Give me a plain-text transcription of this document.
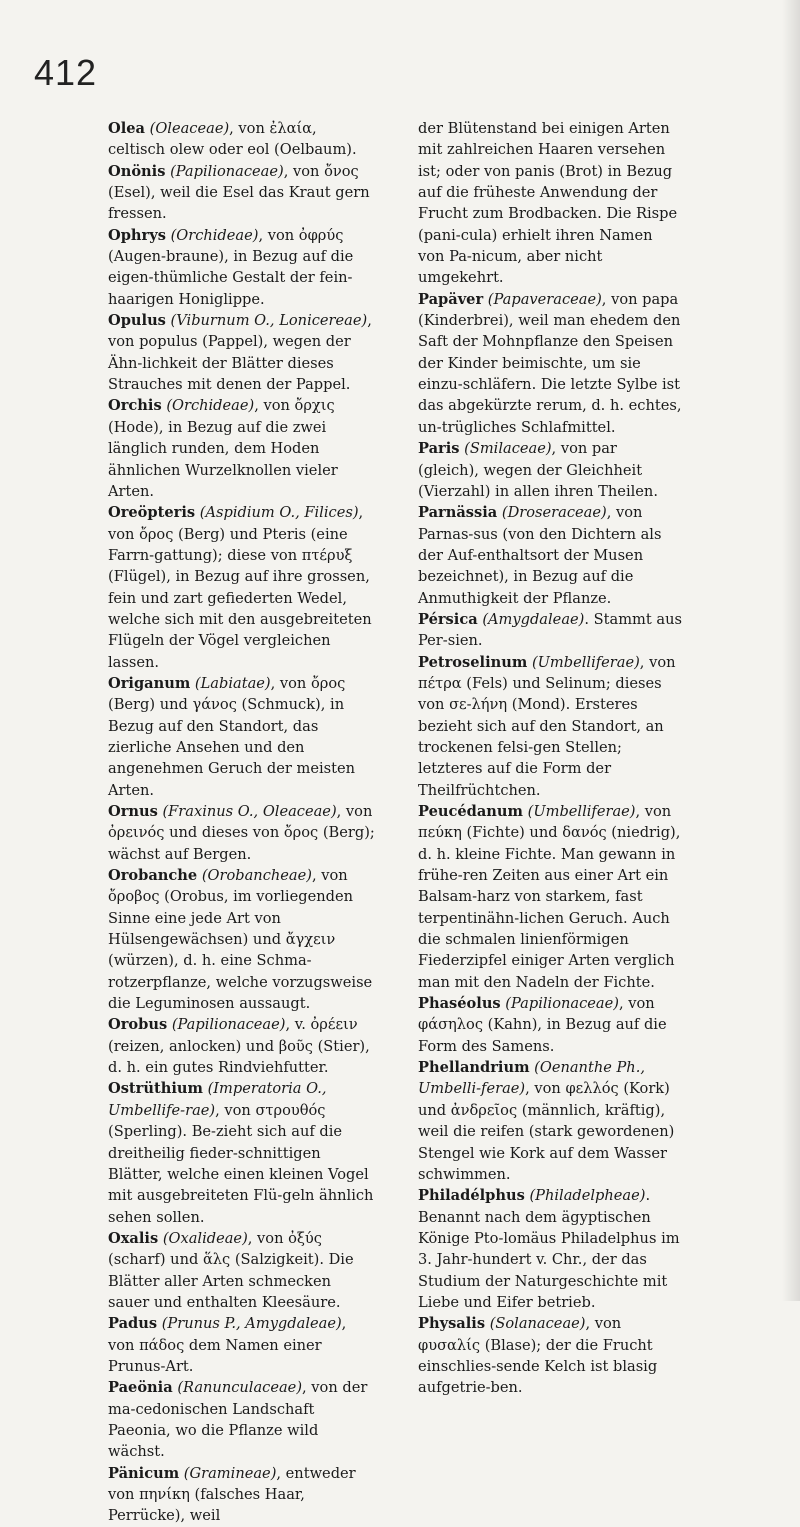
412

Olea (Oleaceae), von ἐλαία, celtisch olew oder eol (Oelbaum).

Onönis (Papilionaceae), von ὄνος (Esel), weil die Esel das Kraut gern fressen.

Ophrys (Orchideae), von ὀφρύς (Augen-braune), in Bezug auf die eigen-thümliche Gestalt der fein-haarigen Honiglippe.

Opulus (Viburnum O., Lonicereae), von populus (Pappel), wegen der Ähn-lichkeit der Blätter dieses Strauches mit denen der Pappel.

Orchis (Orchideae), von ὄρχις (Hode), in Bezug auf die zwei länglich runden, dem Hoden ähnlichen Wurzelknollen vieler Arten.

Oreöpteris (Aspidium O., Filices), von ὄρος (Berg) und Pteris (eine Farrn-gattung); diese von πτέρυξ (Flügel), in Bezug auf ihre grossen, fein und zart gefiederten Wedel, welche sich mit den ausgebreiteten Flügeln der Vögel vergleichen lassen.

Origanum (Labiatae), von ὄρος (Berg) und γάνος (Schmuck), in Bezug auf den Standort, das zierliche Ansehen und den angenehmen Geruch der meisten Arten.

Ornus (Fraxinus O., Oleaceae), von ὀρεινός und dieses von ὄρος (Berg); wächst auf Bergen.

Orobanche (Orobancheae), von ὄροβος (Orobus, im vorliegenden Sinne eine jede Art von Hülsengewächsen) und ἄγχειν (würzen), d. h. eine Schma-rotzerpflanze, welche vorzugsweise die Leguminosen aussaugt.

Orobus (Papilionaceae), v. ὀρέειν (reizen, anlocken) und βοῦς (Stier), d. h. ein gutes Rindviehfutter.

Ostrüthium (Imperatoria O., Umbellife-rae), von στρουθός (Sperling). Be-zieht sich auf die dreitheilig fieder-schnittigen Blätter, welche einen kleinen Vogel mit ausgebreiteten Flü-geln ähnlich sehen sollen.

Oxalis (Oxalideae), von ὀξύς (scharf) und ἅλς (Salzigkeit). Die Blätter aller Arten schmecken sauer und enthalten Kleesäure.

Padus (Prunus P., Amygdaleae), von πάδος dem Namen einer Prunus-Art.

Paeönia (Ranunculaceae), von der ma-cedonischen Landschaft Paeonia, wo die Pflanze wild wächst.

Pänicum (Gramineae), entweder von πηνίκη (falsches Haar, Perrücke), weil

der Blütenstand bei einigen Arten mit zahlreichen Haaren versehen ist; oder von panis (Brot) in Bezug auf die früheste Anwendung der Frucht zum Brodbacken. Die Rispe (pani-cula) erhielt ihren Namen von Pa-nicum, aber nicht umgekehrt.

Papäver (Papaveraceae), von papa (Kinderbrei), weil man ehedem den Saft der Mohnpflanze den Speisen der Kinder beimischte, um sie einzu-schläfern. Die letzte Sylbe ist das abgekürzte rerum, d. h. echtes, un-trügliches Schlafmittel.

Paris (Smilaceae), von par (gleich), wegen der Gleichheit (Vierzahl) in allen ihren Theilen.

Parnässia (Droseraceae), von Parnas-sus (von den Dichtern als der Auf-enthaltsort der Musen bezeichnet), in Bezug auf die Anmuthigkeit der Pflanze.

Pérsica (Amygdaleae). Stammt aus Per-sien.

Petroselinum (Umbelliferae), von πέτρα (Fels) und Selinum; dieses von σε-λήνη (Mond). Ersteres bezieht sich auf den Standort, an trockenen felsi-gen Stellen; letzteres auf die Form der Theilfrüchtchen.

Peucédanum (Umbelliferae), von πεύκη (Fichte) und δανός (niedrig), d. h. kleine Fichte. Man gewann in frühe-ren Zeiten aus einer Art ein Balsam-harz von starkem, fast terpentinähn-lichen Geruch. Auch die schmalen linienförmigen Fiederzipfel einiger Arten verglich man mit den Nadeln der Fichte.

Phaséolus (Papilionaceae), von φάσηλος (Kahn), in Bezug auf die Form des Samens.

Phellandrium (Oenanthe Ph., Umbelli-ferae), von φελλός (Kork) und ἀνδρεῖος (männlich, kräftig), weil die reifen (stark gewordenen) Stengel wie Kork auf dem Wasser schwimmen.

Philadélphus (Philadelpheae). Benannt nach dem ägyptischen Könige Pto-lomäus Philadelphus im 3. Jahr-hundert v. Chr., der das Studium der Naturgeschichte mit Liebe und Eifer betrieb.

Physalis (Solanaceae), von φυσαλίς (Blase); der die Frucht einschlies-sende Kelch ist blasig aufgetrie-ben.
